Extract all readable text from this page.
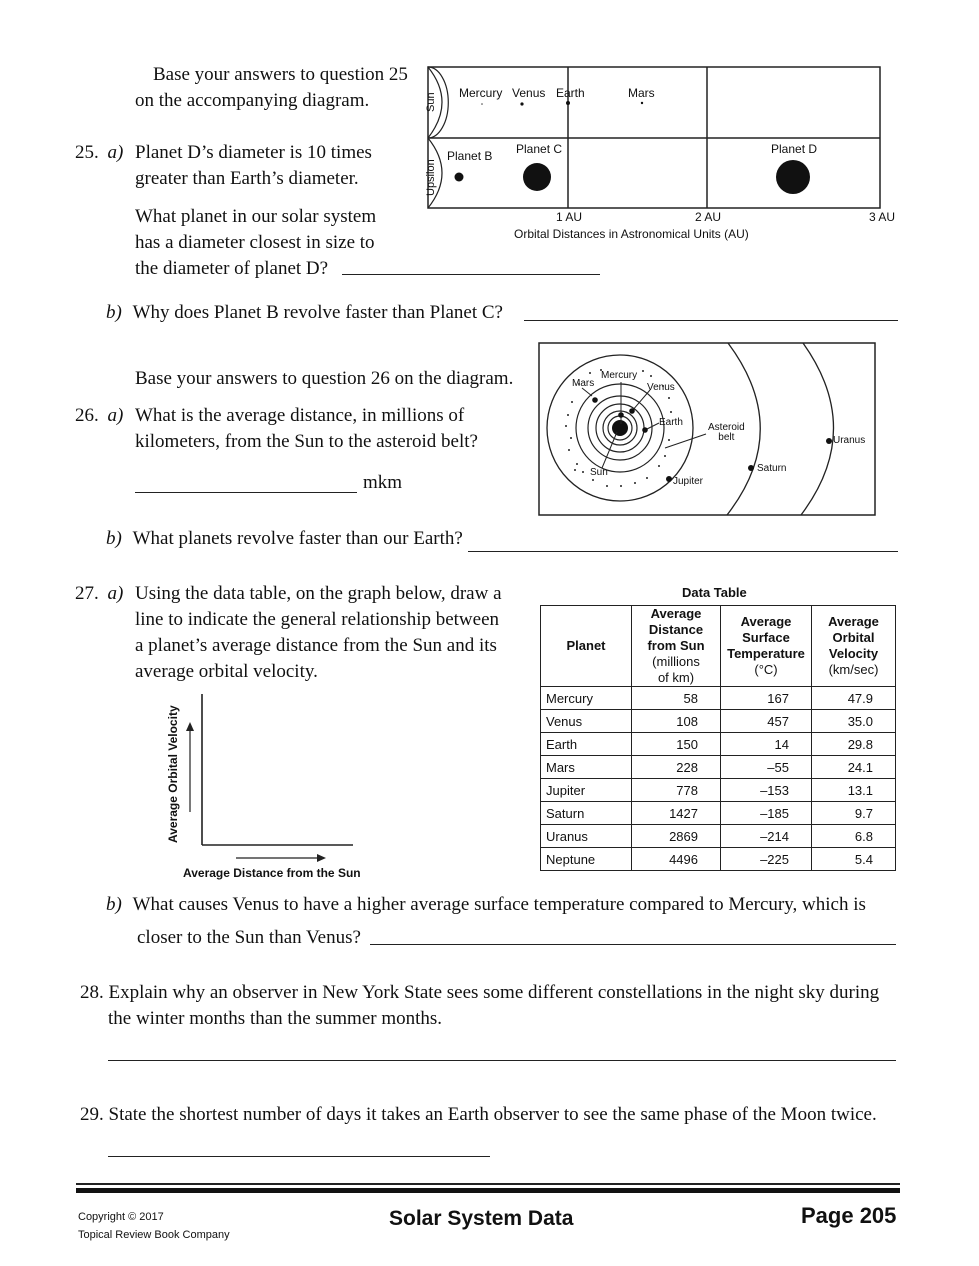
Base your answers to question 25
on the accompanying diagram.
25. a) Planet D’s diameter is 10 times
greater than Earth’s diameter.
What planet in our solar system
has a diameter closest in size to
the diameter of planet D?
Sun
Upsilon
Mercury Venus Earth	Mars
Planet B Planet C	Planet D
1 AU	2 AU	3 AU
Orbital Distances in Astronomical Units (AU)
b) Why does Planet B revolve faster than Planet C?
Base your answers to question 26 on the diagram.
26. a) What is the average distance, in millions of
kilometers, from the Sun to the asteroid belt?
mkm
Mercury
Mars	Venus
Earth	Asteroid
belt
Sun
Jupiter
Saturn
Uranus
b) What planets revolve faster than our Earth?
27. a) Using the data table, on the graph below, draw a
line to indicate the general relationship between
a planet’s average distance from the Sun and its
average orbital velocity.
Average Orbital Velocity
Average Distance from the Sun
Data Table
Planet

Average
Distance
from Sun
(millions
of km)

Average
Surface
Temperature
(°C)

Average
Orbital
Velocity
(km/sec)

Mercury	58	167	47.9
Venus	108	457	35.0
Earth	150	14	29.8
Mars	228	–55	24.1
Jupiter	778	–153	13.1
Saturn	1427	–185	9.7
Uranus	2869	–214	6.8
Neptune	4496	–225	5.4
b) What causes Venus to have a higher average surface temperature compared to Mercury, which is
closer to the Sun than Venus?
28. Explain why an observer in New York State sees some different constellations in the night sky during
the winter months than the summer months.
29. State the shortest number of days it takes an Earth observer to see the same phase of the Moon twice.
Copyright © 2017
Topical Review Book Company
Solar System Data	Page 205
